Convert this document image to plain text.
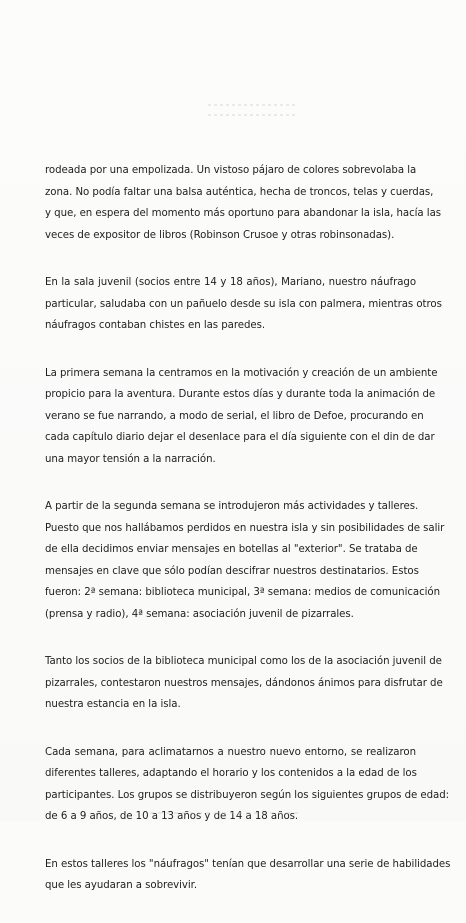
rodeada por una empolizada. Un vistoso pájaro de colores sobrevolaba la
zona. No podía faltar una balsa auténtica, hecha de troncos, telas y cuerdas,
y que, en espera del momento más oportuno para abandonar la isla, hacía las
veces de expositor de libros (Robinson Crusoe y otras robinsonadas).
En la sala juvenil (socios entre 14 y 18 años), Mariano, nuestro náufrago
particular, saludaba con un pañuelo desde su isla con palmera, mientras otros
náufragos contaban chistes en las paredes.
La primera semana la centramos en la motivación y creación de un ambiente
propicio para la aventura. Durante estos días y durante toda la animación de
verano se fue narrando, a modo de serial, el libro de Defoe, procurando en
cada capítulo diario dejar el desenlace para el día siguiente con el din de dar
una mayor tensión a la narración.
A partir de la segunda semana se introdujeron más actividades y talleres.
Puesto que nos hallábamos perdidos en nuestra isla y sin posibilidades de salir
de ella decidimos enviar mensajes en botellas al "exterior". Se trataba de
mensajes en clave que sólo podían descifrar nuestros destinatarios. Estos
fueron: 2ª semana: biblioteca municipal, 3ª semana: medios de comunicación
(prensa y radio), 4ª semana: asociación juvenil de pizarrales.
Tanto los socios de la biblioteca municipal como los de la asociación juvenil de
pizarrales, contestaron nuestros mensajes, dándonos ánimos para disfrutar de
nuestra estancia en la isla.
Cada semana, para aclimatarnos a nuestro nuevo entorno, se realizaron
diferentes talleres, adaptando el horario y los contenidos a la edad de los
participantes. Los grupos se distribuyeron según los siguientes grupos de edad:
de 6 a 9 años, de 10 a 13 años y de 14 a 18 años.
En estos talleres los "náufragos" tenían que desarrollar una serie de habilidades
que les ayudaran a sobrevivir.
